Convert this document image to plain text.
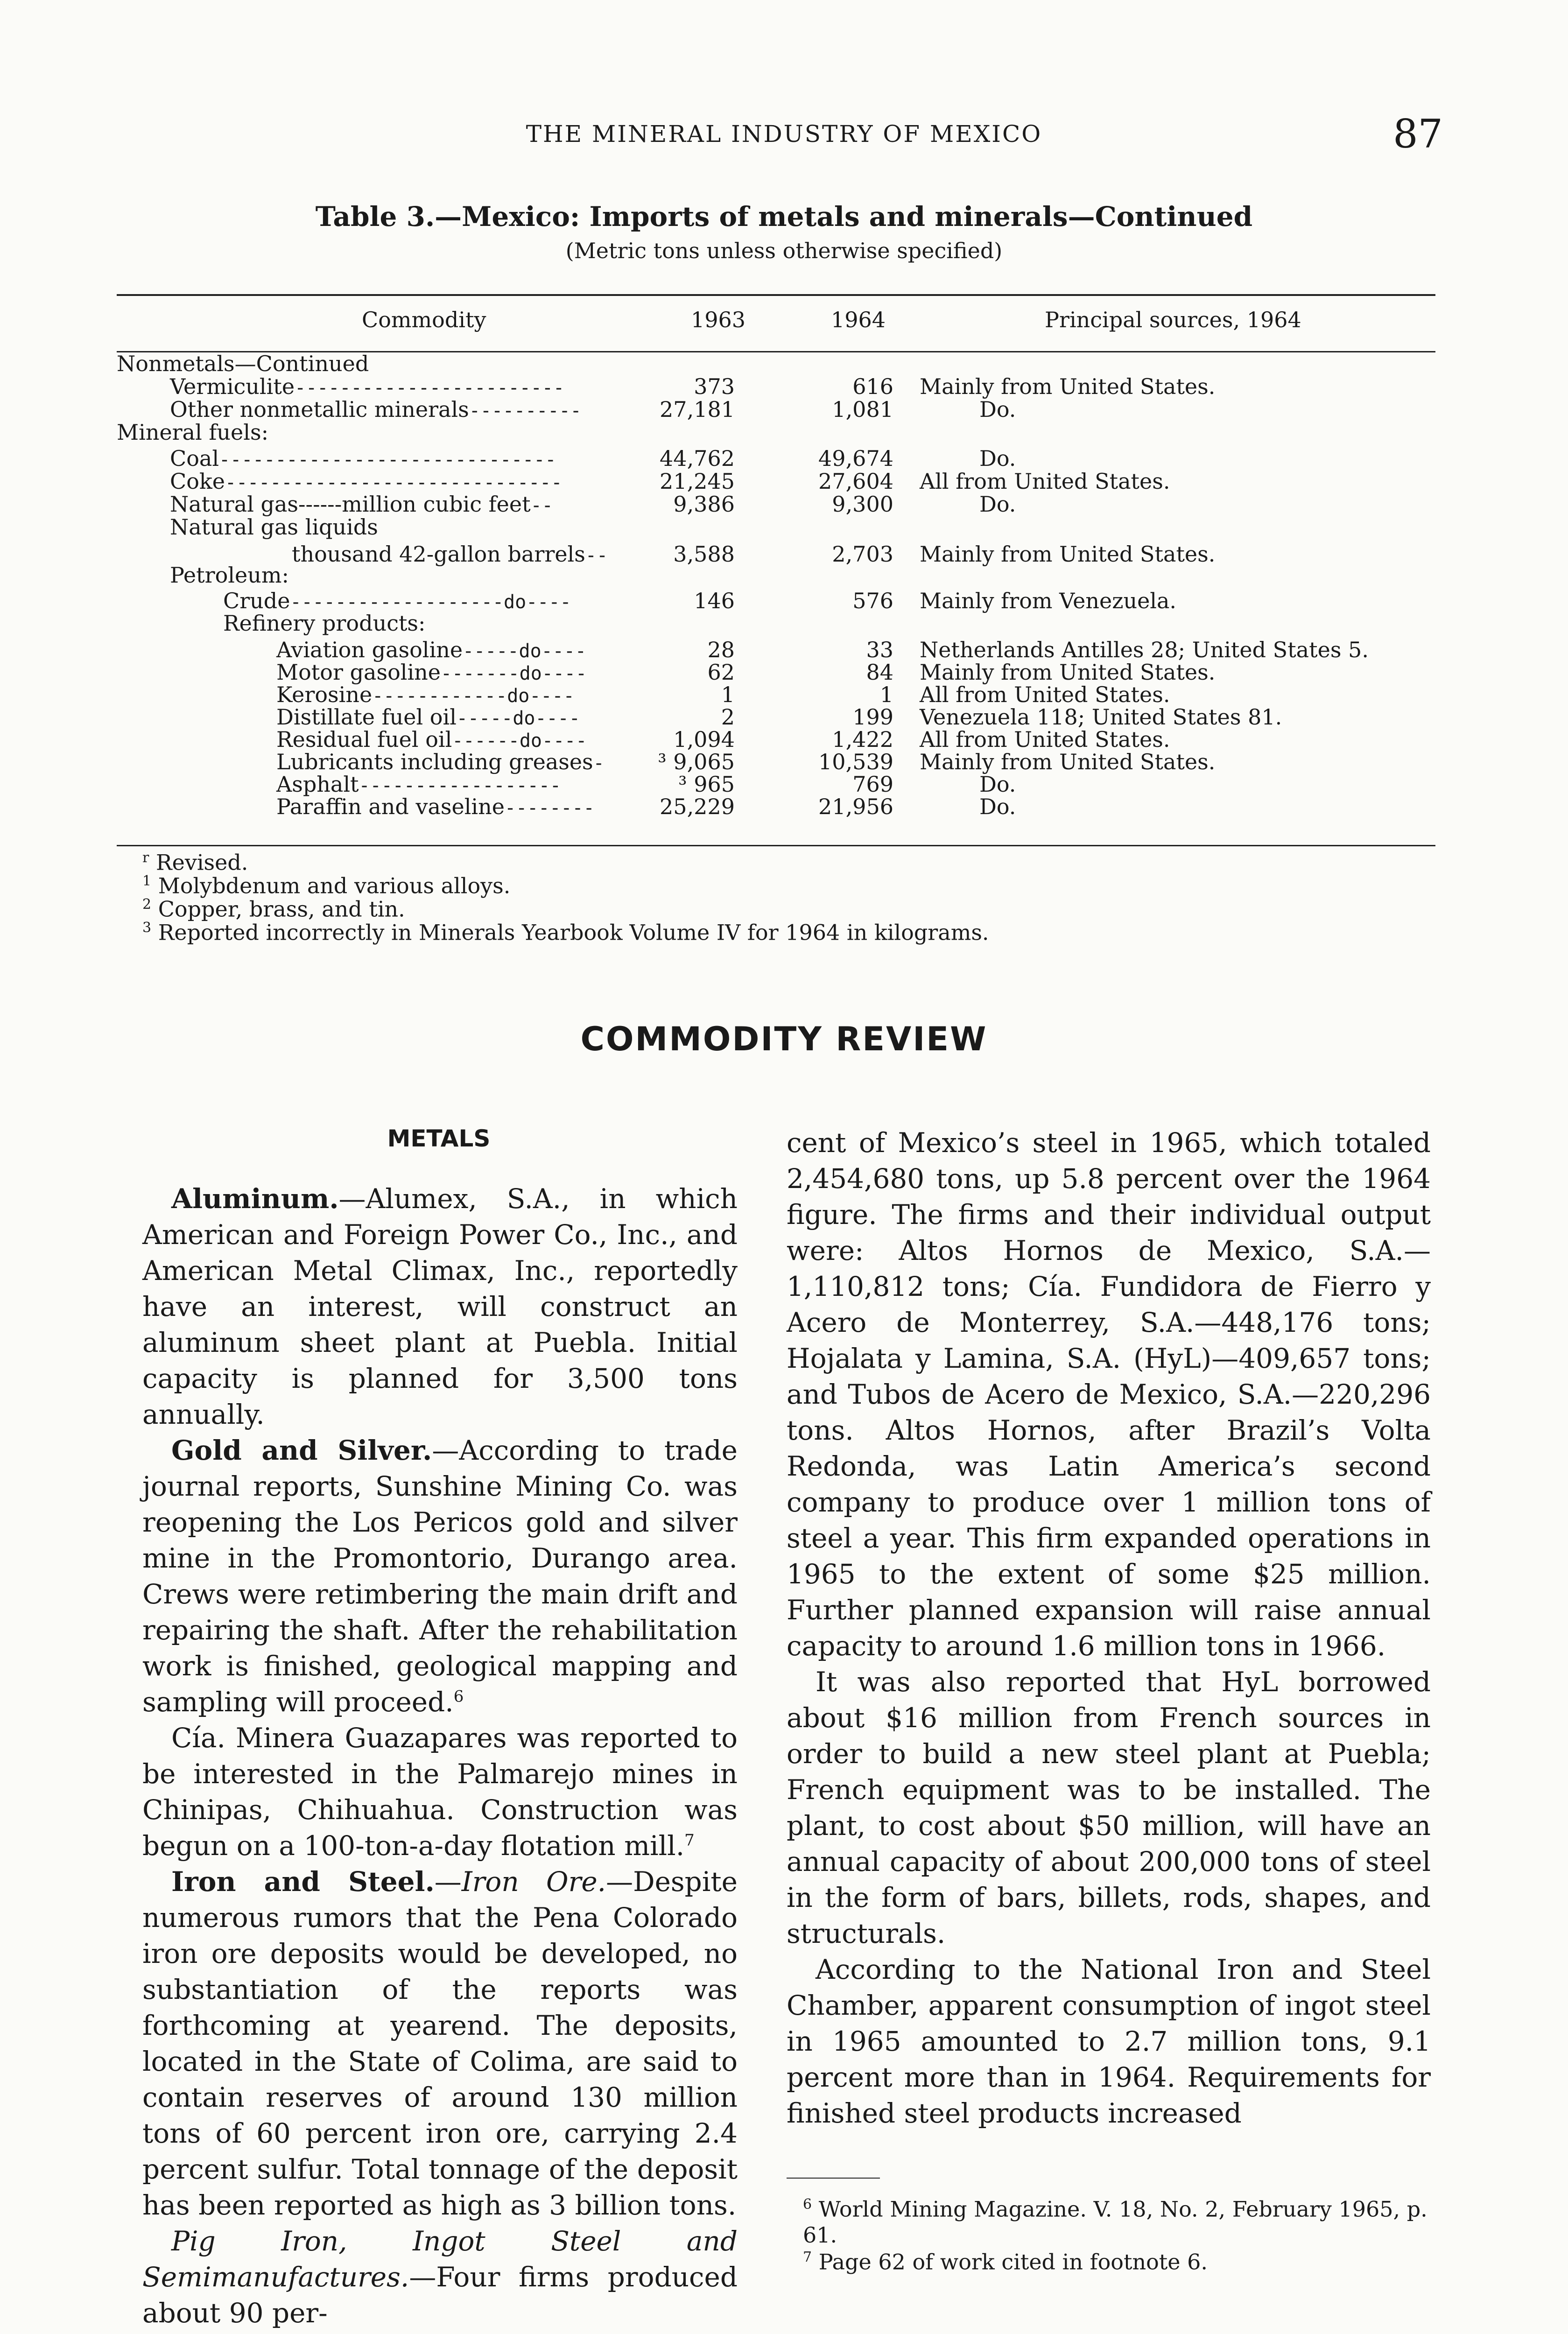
THE MINERAL INDUSTRY OF MEXICO	87
Table 3.—Mexico: Imports of metals and minerals—Continued
(Metric tons unless otherwise specified)
Commodity	1963	1964	Principal sources, 1964
Nonmetals—Continued
Vermiculite------------------------	373	616 Mainly from United States.
Other nonmetallic minerals----------	27,181	1,081	Do.
Mineral fuels:
Coal------------------------------	44,762	49,674	Do.
Coke------------------------------	21,245	27,604 All from United States.
Natural gas------million cubic feet--	9,386	9,300	Do.
Natural gas liquids
thousand 42-gallon barrels--	3,588	2,703 Mainly from United States.
Petroleum:
Crude-------------------do----	146	576 Mainly from Venezuela.
Refinery products:
Aviation gasoline-----do----	28	33 Netherlands Antilles 28; United States 5.
Motor gasoline-------do----	62	84 Mainly from United States.
Kerosine------------do----	1	1 All from United States.
Distillate fuel oil-----do----	2	199 Venezuela 118; United States 81.
Residual fuel oil------do----	1,094	1,422 All from United States.
Lubricants including greases- ³ 9,065	10,539 Mainly from United States.
Asphalt------------------	³ 965	769	Do.
Paraffin and vaseline--------	25,229	21,956	Do.
$^r$ Revised.
$^1$ Molybdenum and various alloys.
$^2$ Copper, brass, and tin.
$^3$ Reported incorrectly in Minerals Yearbook Volume IV for 1964 in kilograms.
COMMODITY REVIEW
METALS

Aluminum.—Alumex, S.A., in which American and Foreign Power Co., Inc., and American Metal Climax, Inc., reportedly have an interest, will construct an aluminum sheet plant at Puebla. Initial capacity is planned for 3,500 tons annually.

Gold and Silver.—According to trade journal reports, Sunshine Mining Co. was reopening the Los Pericos gold and silver mine in the Promontorio, Durango area. Crews were retimbering the main drift and repairing the shaft. After the rehabilitation work is finished, geological mapping and sampling will proceed.$^6$

Cía. Minera Guazapares was reported to be interested in the Palmarejo mines in Chinipas, Chihuahua. Construction was begun on a 100-ton-a-day flotation mill.$^7$

Iron and Steel.—Iron Ore.—Despite numerous rumors that the Pena Colorado iron ore deposits would be developed, no substantiation of the reports was forthcoming at yearend. The deposits, located in the State of Colima, are said to contain reserves of around 130 million tons of 60 percent iron ore, carrying 2.4 percent sulfur. Total tonnage of the deposit has been reported as high as 3 billion tons.

Pig Iron, Ingot Steel and Semimanufactures.—Four firms produced about 90 per-

cent of Mexico’s steel in 1965, which totaled 2,454,680 tons, up 5.8 percent over the 1964 figure. The firms and their individual output were: Altos Hornos de Mexico, S.A.—1,110,812 tons; Cía. Fundidora de Fierro y Acero de Monterrey, S.A.—448,176 tons; Hojalata y Lamina, S.A. (HyL)—409,657 tons; and Tubos de Acero de Mexico, S.A.—220,296 tons. Altos Hornos, after Brazil’s Volta Redonda, was Latin America’s second company to produce over 1 million tons of steel a year. This firm expanded operations in 1965 to the extent of some $25 million. Further planned expansion will raise annual capacity to around 1.6 million tons in 1966.

It was also reported that HyL borrowed about $16 million from French sources in order to build a new steel plant at Puebla; French equipment was to be installed. The plant, to cost about $50 million, will have an annual capacity of about 200,000 tons of steel in the form of bars, billets, rods, shapes, and structurals.

According to the National Iron and Steel Chamber, apparent consumption of ingot steel in 1965 amounted to 2.7 million tons, 9.1 percent more than in 1964. Requirements for finished steel products increased

$^6$ World Mining Magazine. V. 18, No. 2, February 1965, p. 61.
$^7$ Page 62 of work cited in footnote 6.
